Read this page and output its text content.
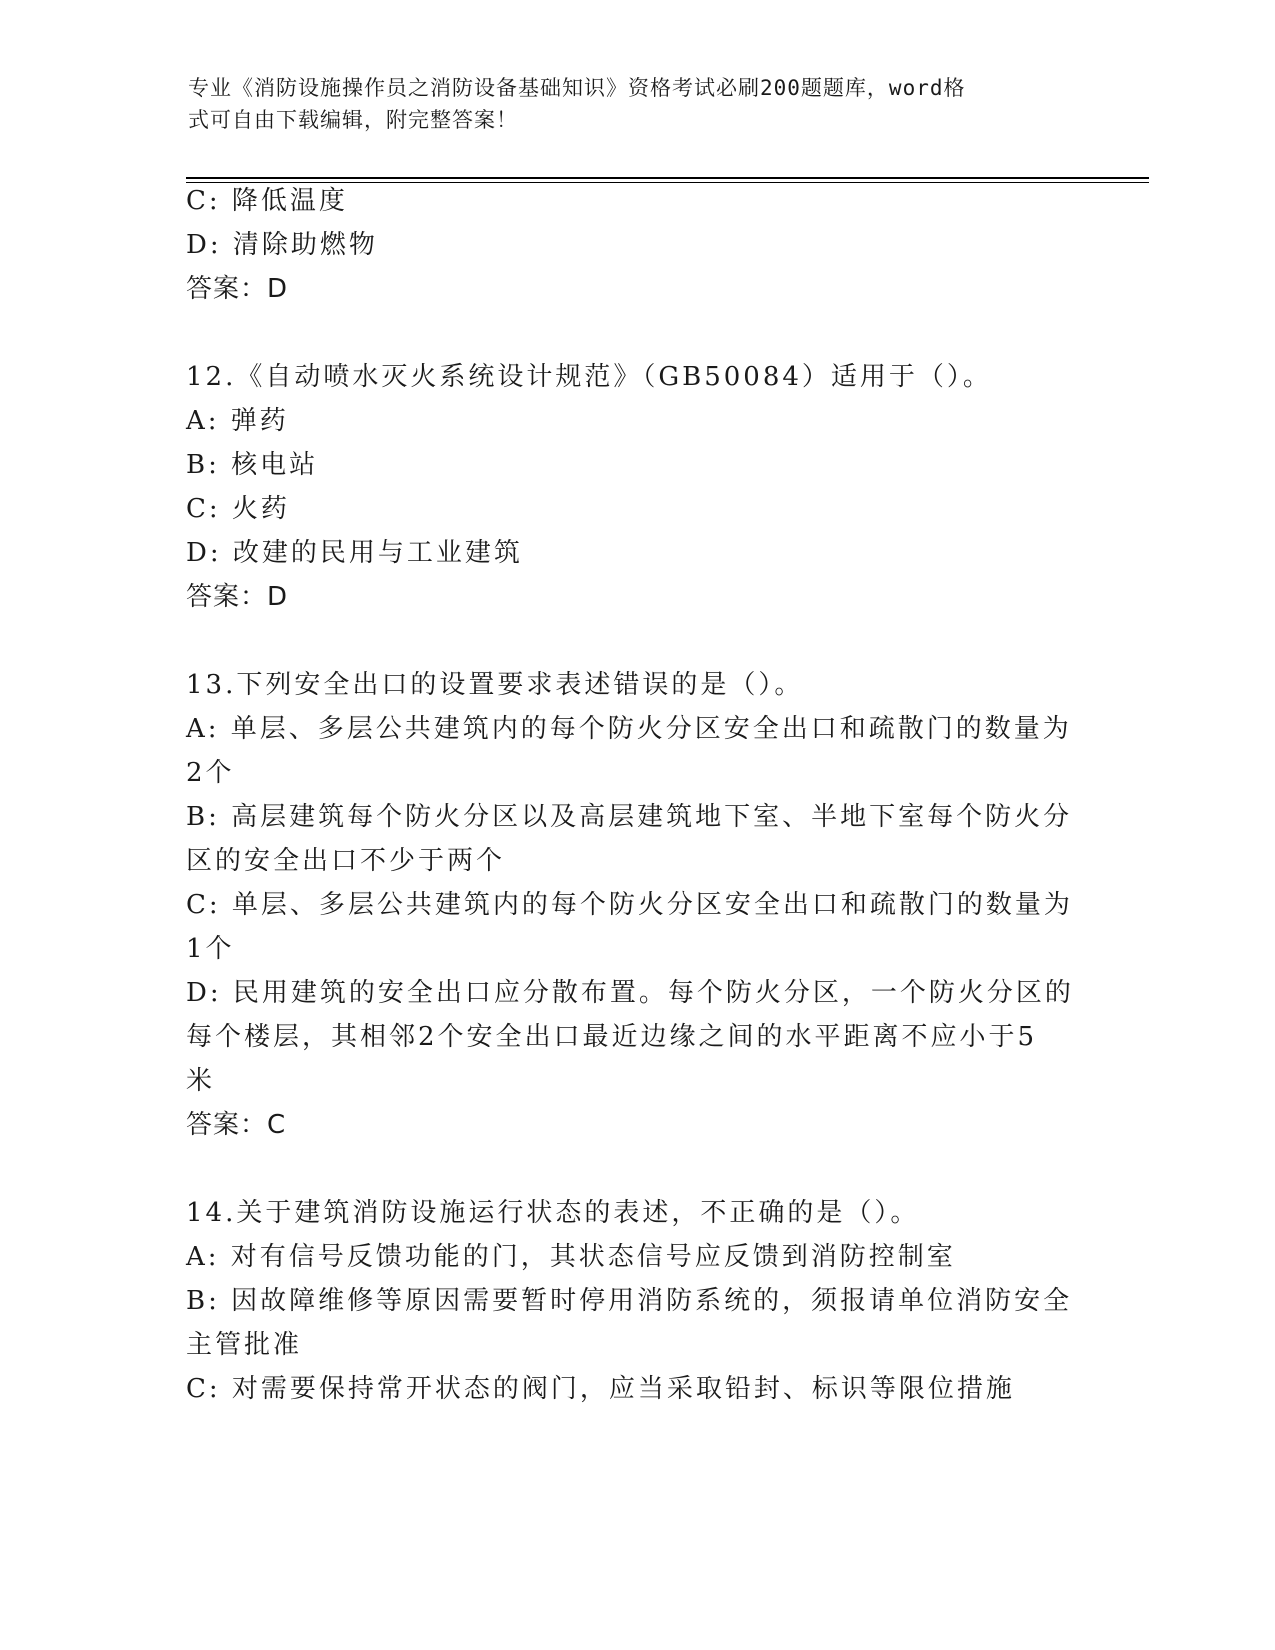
专业《消防设施操作员之消防设备基础知识》资格考试必刷200题题库，word格
式可自由下载编辑，附完整答案！
C: 降低温度
D: 清除助燃物
答案：D
12.《自动喷水灭火系统设计规范》（GB50084）适用于（）。
A: 弹药
B: 核电站
C: 火药
D: 改建的民用与工业建筑
答案：D
13.下列安全出口的设置要求表述错误的是（）。
A: 单层、多层公共建筑内的每个防火分区安全出口和疏散门的数量为
2个
B: 高层建筑每个防火分区以及高层建筑地下室、半地下室每个防火分
区的安全出口不少于两个
C: 单层、多层公共建筑内的每个防火分区安全出口和疏散门的数量为
1个
D: 民用建筑的安全出口应分散布置。每个防火分区，一个防火分区的
每个楼层，其相邻2个安全出口最近边缘之间的水平距离不应小于5
米
答案：C
14.关于建筑消防设施运行状态的表述，不正确的是（）。
A: 对有信号反馈功能的门，其状态信号应反馈到消防控制室
B: 因故障维修等原因需要暂时停用消防系统的，须报请单位消防安全
主管批准
C: 对需要保持常开状态的阀门，应当采取铅封、标识等限位措施
